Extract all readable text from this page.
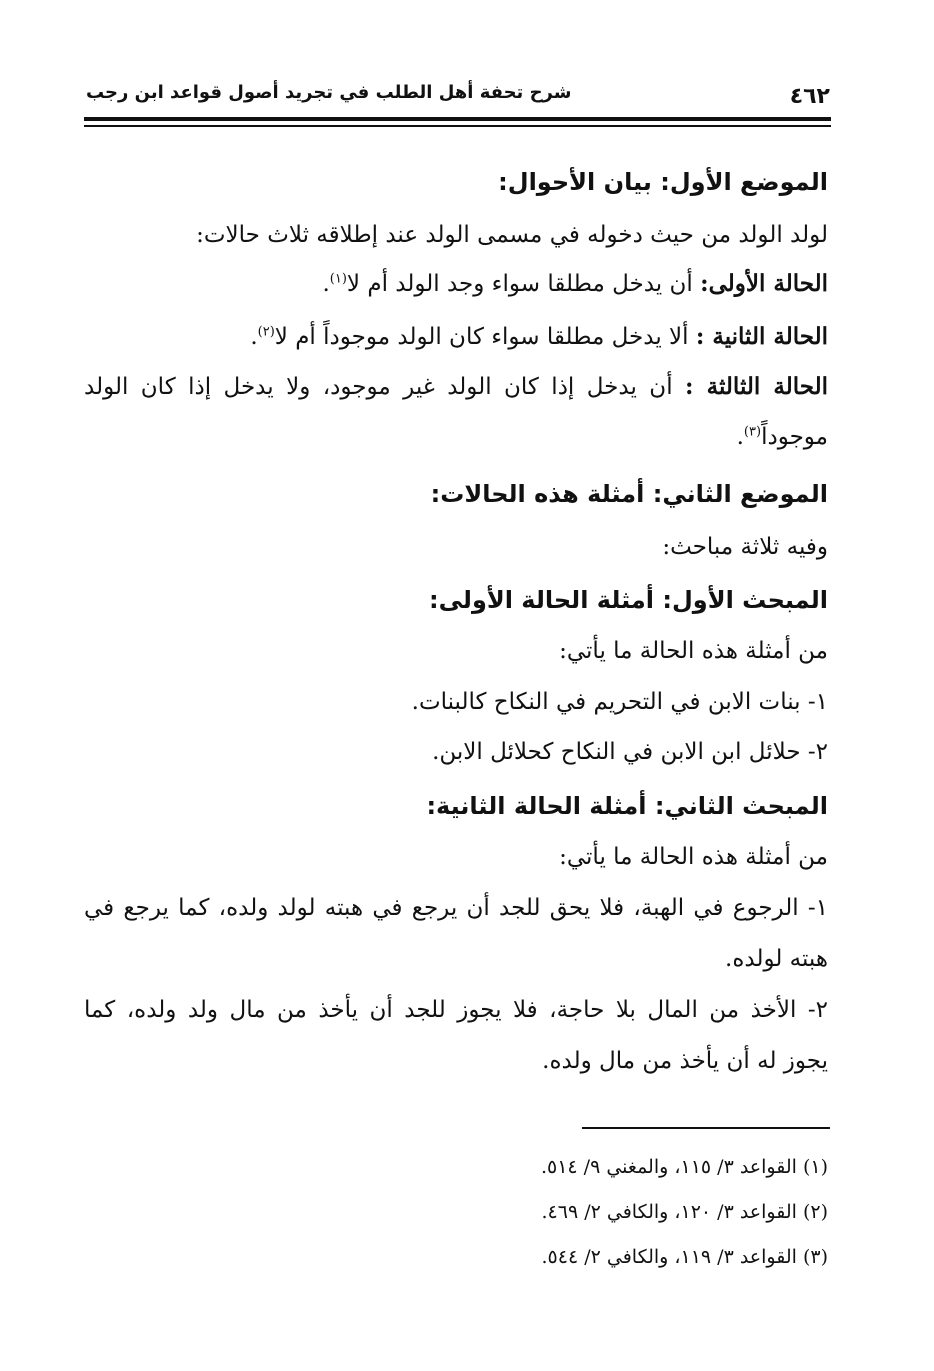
شرح تحفة أهل الطلب في تجريد أصول قواعد ابن رجب	٤٦٢
الموضع الأول: بيان الأحوال:
لولد الولد من حيث دخوله في مسمى الولد عند إطلاقه ثلاث حالات:
الحالة الأولى: أن يدخل مطلقا سواء وجد الولد أم لا$^{(١)}$.
الحالة الثانية : ألا يدخل مطلقا سواء كان الولد موجوداً أم لا$^{(٢)}$.
الحالة الثالثة : أن يدخل إذا كان الولد غير موجود، ولا يدخل إذا كان الولد
موجوداً$^{(٣)}$.
الموضع الثاني: أمثلة هذه الحالات:
وفيه ثلاثة مباحث:
المبحث الأول: أمثلة الحالة الأولى:
من أمثلة هذه الحالة ما يأتي:
١- بنات الابن في التحريم في النكاح كالبنات.
٢- حلائل ابن الابن في النكاح كحلائل الابن.
المبحث الثاني: أمثلة الحالة الثانية:
من أمثلة هذه الحالة ما يأتي:
١- الرجوع في الهبة، فلا يحق للجد أن يرجع في هبته لولد ولده، كما يرجع في
هبته لولده.
٢- الأخذ من المال بلا حاجة، فلا يجوز للجد أن يأخذ من مال ولد ولده، كما
يجوز له أن يأخذ من مال ولده.
(١) القواعد ٣/ ١١٥، والمغني ٩/ ٥١٤.
(٢) القواعد ٣/ ١٢٠، والكافي ٢/ ٤٦٩.
(٣) القواعد ٣/ ١١٩، والكافي ٢/ ٥٤٤.
